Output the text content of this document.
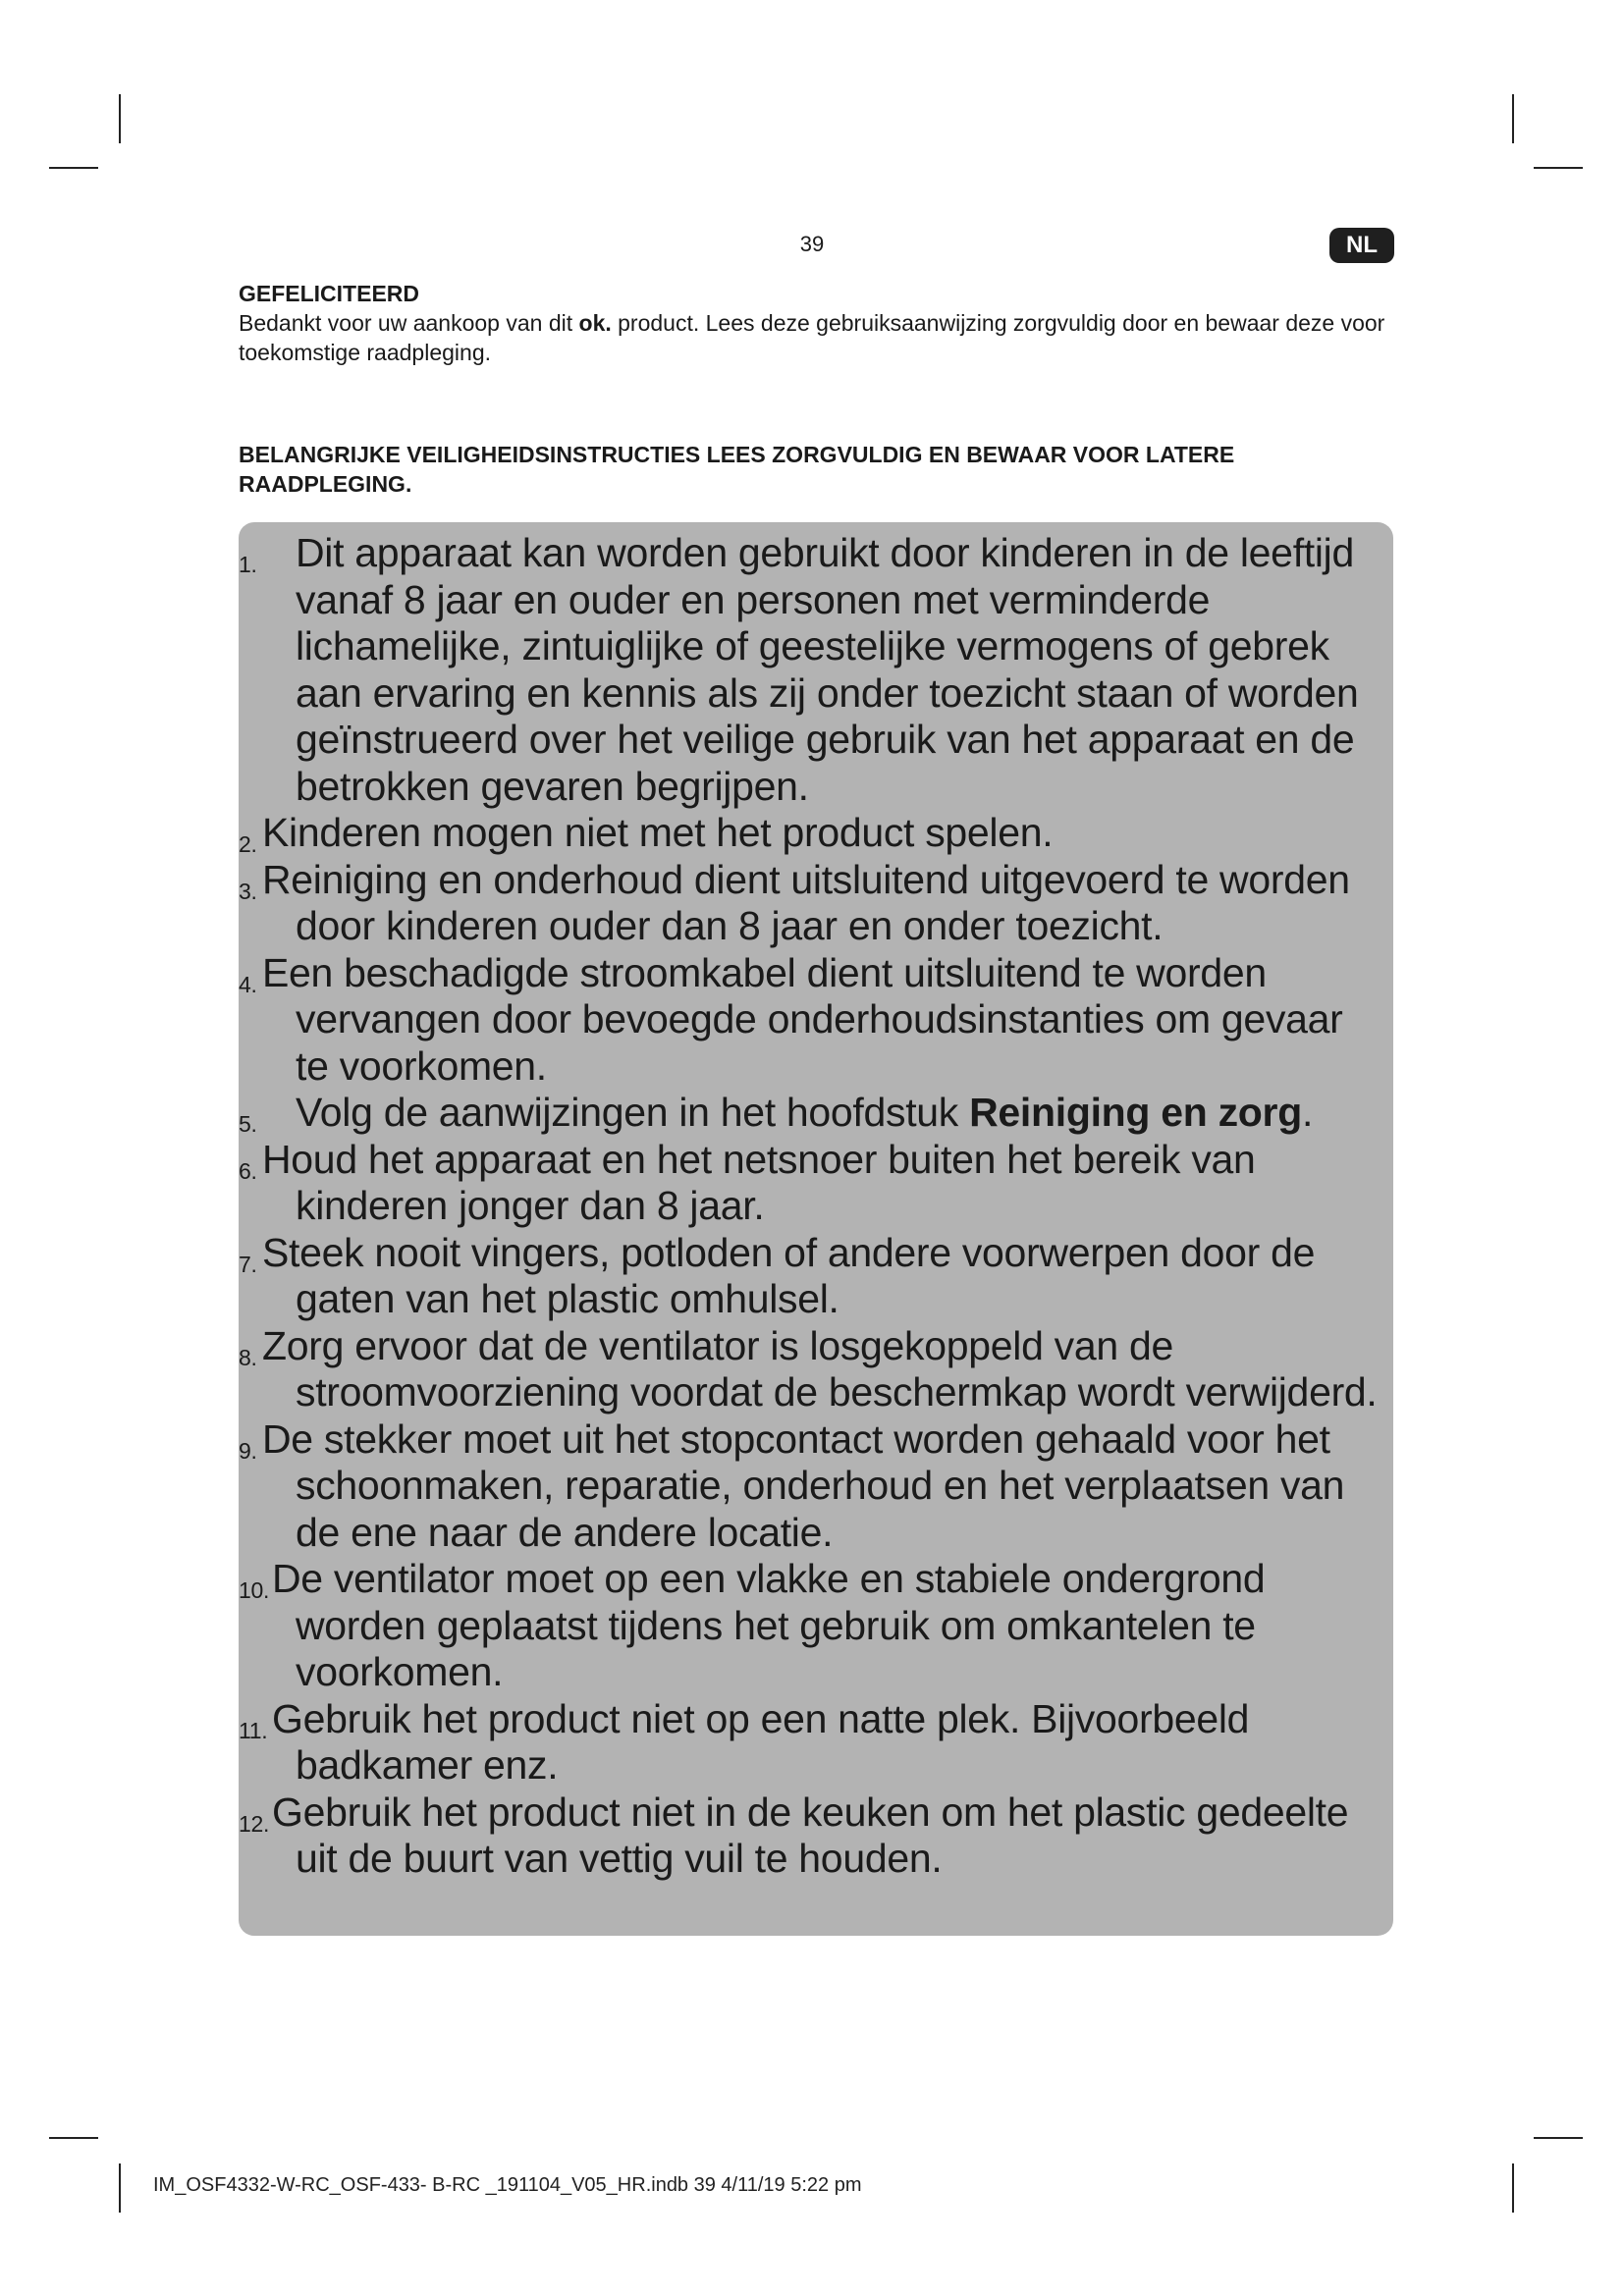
39	NL
GEFELICITEERD
Bedankt voor uw aankoop van dit ok. product. Lees deze gebruiksaanwijzing zorgvuldig door en bewaar deze voor toekomstige raadpleging.
BELANGRIJKE VEILIGHEIDSINSTRUCTIES LEES ZORGVULDIG EN BEWAAR VOOR LATERE RAADPLEGING.
1. Dit apparaat kan worden gebruikt door kinderen in de leeftijd vanaf 8 jaar en ouder en personen met verminderde lichamelijke, zintuiglijke of geestelijke vermogens of gebrek aan ervaring en kennis als zij onder toezicht staan of worden geïnstrueerd over het veilige gebruik van het apparaat en de betrokken gevaren begrijpen.
2. Kinderen mogen niet met het product spelen.
3. Reiniging en onderhoud dient uitsluitend uitgevoerd te worden door kinderen ouder dan 8 jaar en onder toezicht.
4. Een beschadigde stroomkabel dient uitsluitend te worden vervangen door bevoegde onderhoudsinstanties om gevaar te voorkomen.
5. Volg de aanwijzingen in het hoofdstuk Reiniging en zorg.
6. Houd het apparaat en het netsnoer buiten het bereik van kinderen jonger dan 8 jaar.
7. Steek nooit vingers, potloden of andere voorwerpen door de gaten van het plastic omhulsel.
8. Zorg ervoor dat de ventilator is losgekoppeld van de stroomvoorziening voordat de beschermkap wordt verwijderd.
9. De stekker moet uit het stopcontact worden gehaald voor het schoonmaken, reparatie, onderhoud en het verplaatsen van de ene naar de andere locatie.
10. De ventilator moet op een vlakke en stabiele ondergrond worden geplaatst tijdens het gebruik om omkantelen te voorkomen.
11. Gebruik het product niet op een natte plek. Bijvoorbeeld badkamer enz.
12. Gebruik het product niet in de keuken om het plastic gedeelte uit de buurt van vettig vuil te houden.
IM_OSF4332-W-RC_OSF-433- B-RC _191104_V05_HR.indb 39 4/11/19 5:22 pm
